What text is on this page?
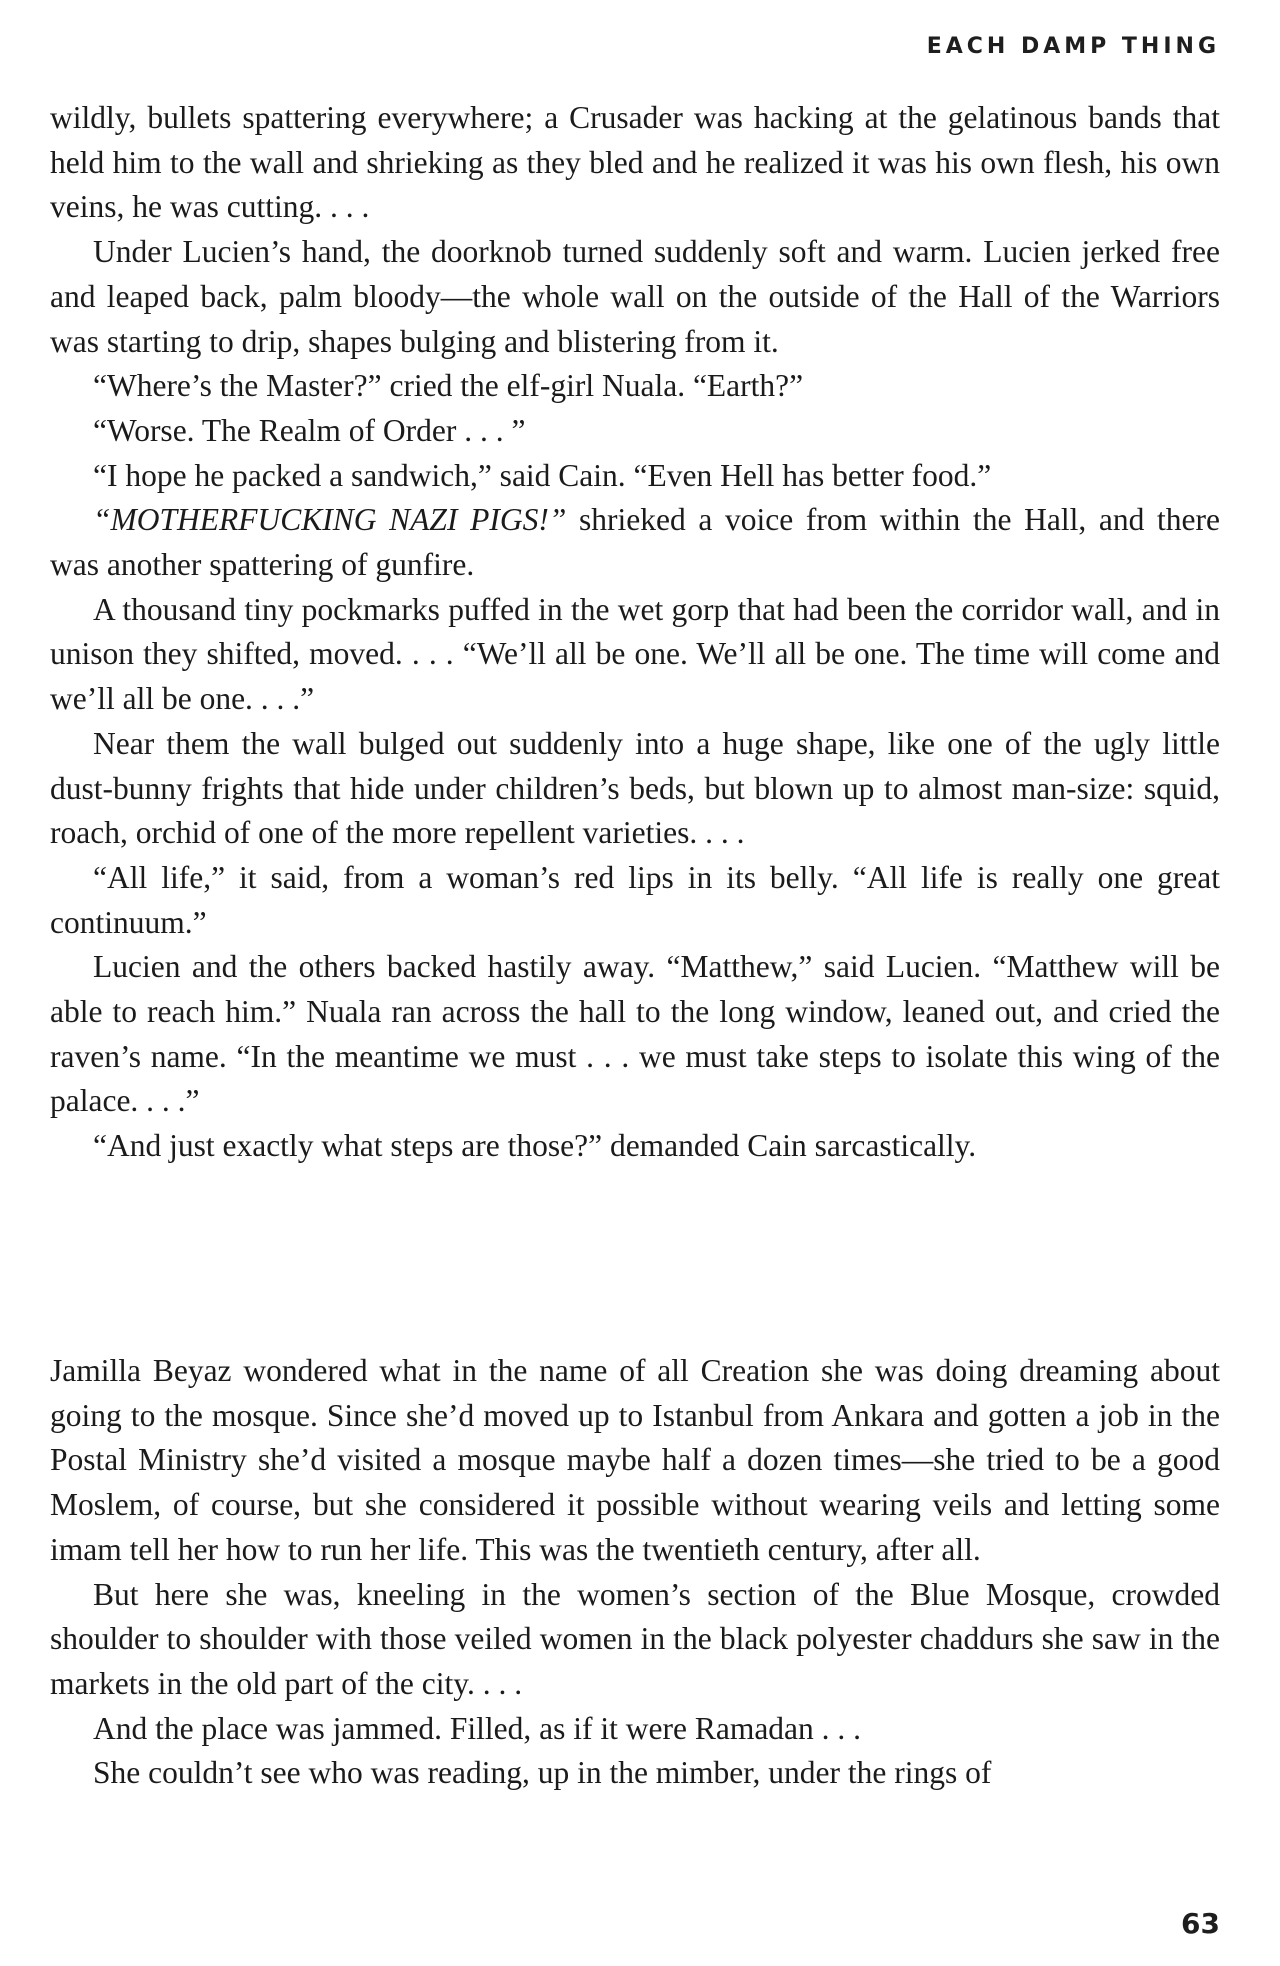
EACH DAMP THING

wildly, bullets spattering everywhere; a Crusader was hacking at the gelatinous bands that held him to the wall and shrieking as they bled and he realized it was his own flesh, his own veins, he was cutting. . . .

Under Lucien’s hand, the doorknob turned suddenly soft and warm. Lucien jerked free and leaped back, palm bloody—the whole wall on the outside of the Hall of the Warriors was starting to drip, shapes bulging and blistering from it.

“Where’s the Master?” cried the elf-girl Nuala. “Earth?”

“Worse. The Realm of Order . . . ”

“I hope he packed a sandwich,” said Cain. “Even Hell has better food.”

“MOTHERFUCKING NAZI PIGS!” shrieked a voice from within the Hall, and there was another spattering of gunfire.

A thousand tiny pockmarks puffed in the wet gorp that had been the corridor wall, and in unison they shifted, moved. . . . “We’ll all be one. We’ll all be one. The time will come and we’ll all be one. . . .”

Near them the wall bulged out suddenly into a huge shape, like one of the ugly little dust-bunny frights that hide under children’s beds, but blown up to almost man-size: squid, roach, orchid of one of the more repellent varieties. . . .

“All life,” it said, from a woman’s red lips in its belly. “All life is really one great continuum.”

Lucien and the others backed hastily away. “Matthew,” said Lucien. “Matthew will be able to reach him.” Nuala ran across the hall to the long window, leaned out, and cried the raven’s name. “In the meantime we must . . . we must take steps to isolate this wing of the palace. . . .”

“And just exactly what steps are those?” demanded Cain sarcastically.

Jamilla Beyaz wondered what in the name of all Creation she was doing dreaming about going to the mosque. Since she’d moved up to Istanbul from Ankara and gotten a job in the Postal Ministry she’d visited a mosque maybe half a dozen times—she tried to be a good Moslem, of course, but she considered it possible without wearing veils and letting some imam tell her how to run her life. This was the twentieth century, after all.

But here she was, kneeling in the women’s section of the Blue Mosque, crowded shoulder to shoulder with those veiled women in the black polyester chaddurs she saw in the markets in the old part of the city. . . .

And the place was jammed. Filled, as if it were Ramadan . . .

She couldn’t see who was reading, up in the mimber, under the rings of

63
